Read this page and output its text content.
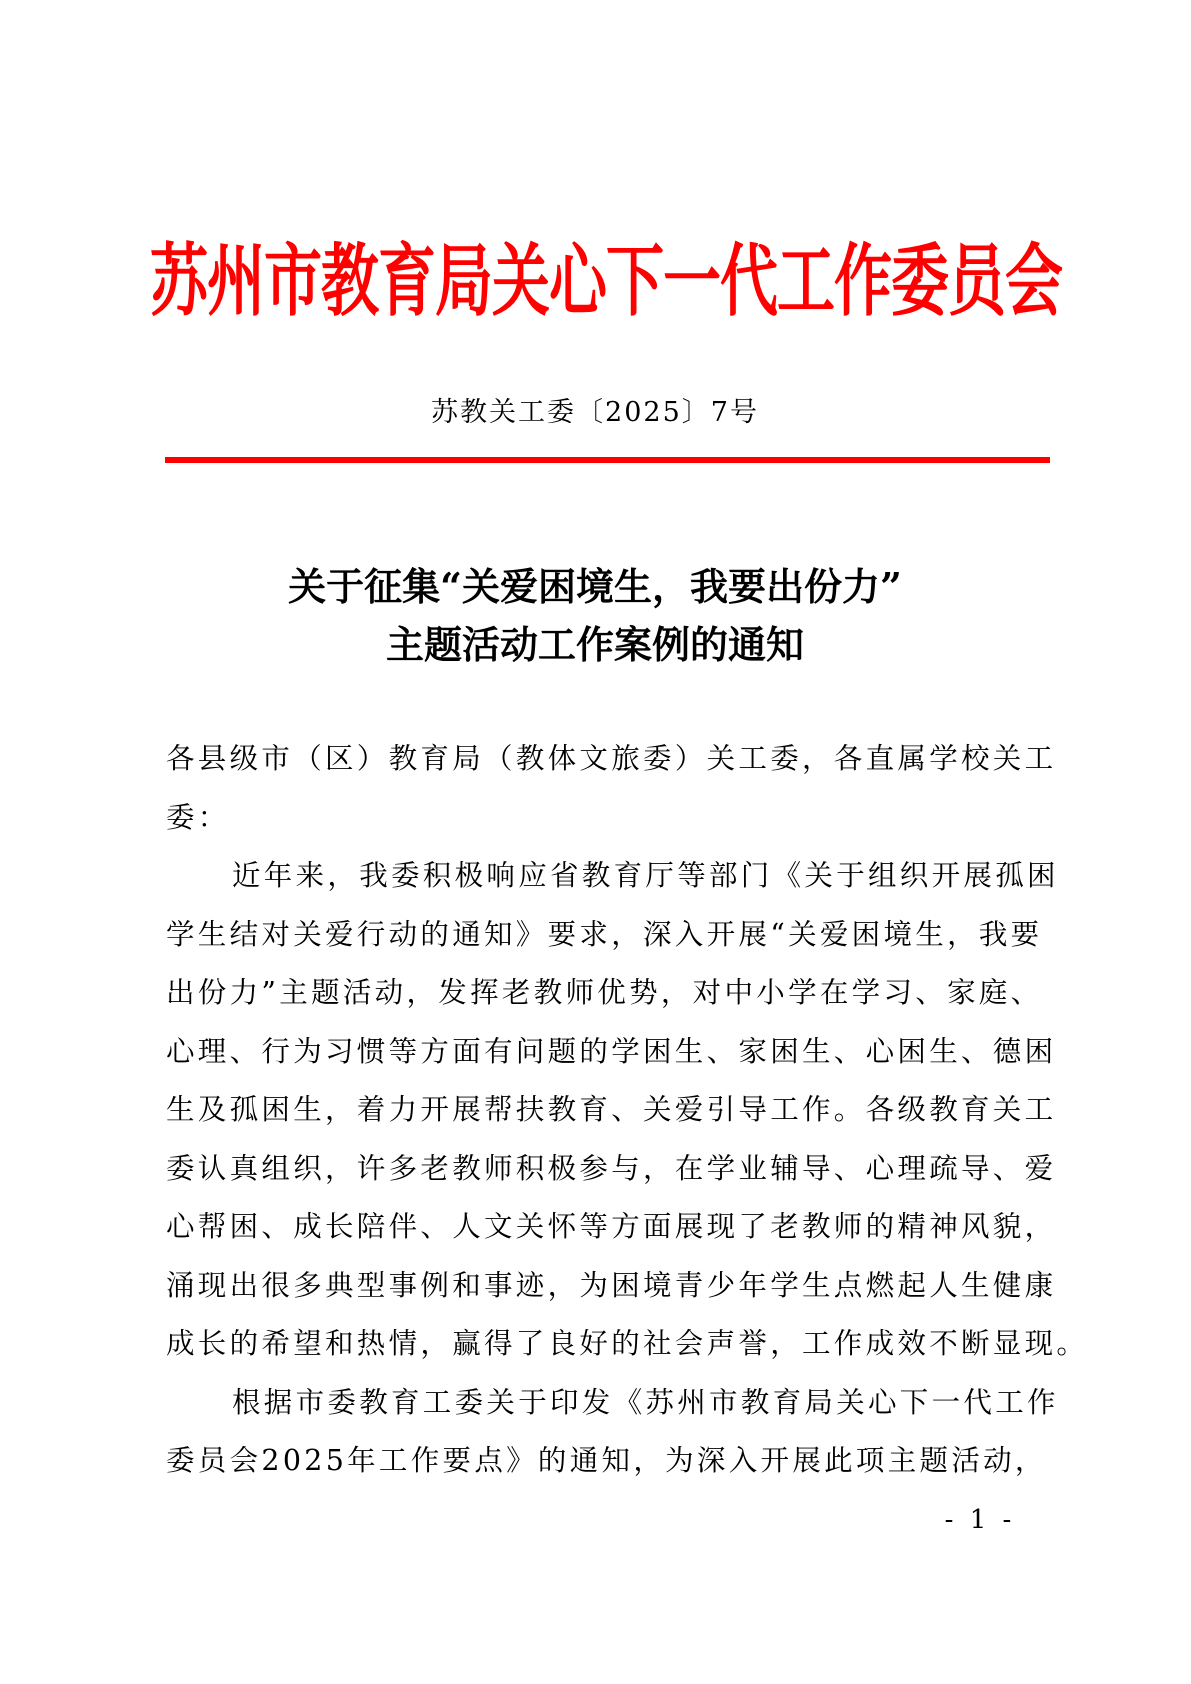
苏州市教育局关心下一代工作委员会
苏教关工委〔2025〕7号
关于征集“关爱困境生，我要出份力”
主题活动工作案例的通知
各县级市（区）教育局（教体文旅委）关工委，各直属学校关工
委：
近年来，我委积极响应省教育厅等部门《关于组织开展孤困
学生结对关爱行动的通知》要求，深入开展“关爱困境生，我要
出份力”主题活动，发挥老教师优势，对中小学在学习、家庭、
心理、行为习惯等方面有问题的学困生、家困生、心困生、德困
生及孤困生，着力开展帮扶教育、关爱引导工作。各级教育关工
委认真组织，许多老教师积极参与，在学业辅导、心理疏导、爱
心帮困、成长陪伴、人文关怀等方面展现了老教师的精神风貌，
涌现出很多典型事例和事迹，为困境青少年学生点燃起人生健康
成长的希望和热情，赢得了良好的社会声誉，工作成效不断显现。
根据市委教育工委关于印发《苏州市教育局关心下一代工作
委员会2025年工作要点》的通知，为深入开展此项主题活动，
- 1 -
